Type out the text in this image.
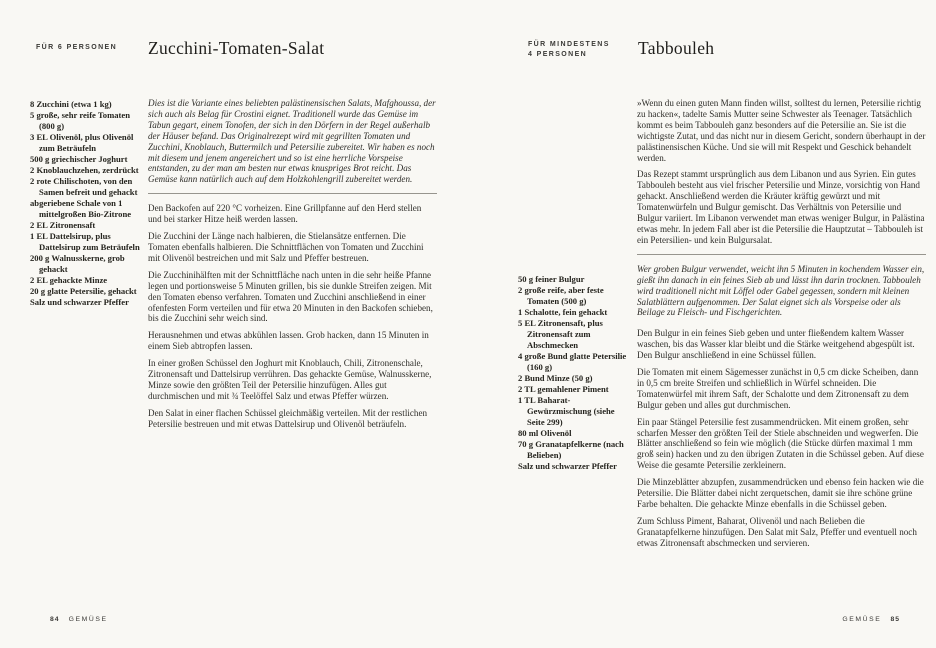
FÜR 6 PERSONEN Zucchini-Tomaten-Salat
8 Zucchini (etwa 1 kg)
5 große, sehr reife Tomaten (800 g)
3 EL Olivenöl, plus Olivenöl zum Beträufeln
500 g griechischer Joghurt
2 Knoblauchzehen, zerdrückt
2 rote Chilischoten, von den Samen befreit und gehackt
abgeriebene Schale von 1 mittelgroßen Bio-Zitrone
2 EL Zitronensaft
1 EL Dattelsirup, plus Dattelsirup zum Beträufeln
200 g Walnusskerne, grob gehackt
2 EL gehackte Minze
20 g glatte Petersilie, gehackt
Salz und schwarzer Pfeffer

Dies ist die Variante eines beliebten palästinensischen Salats, Mafghoussa, der sich auch als Belag für Crostini eignet. Traditionell wurde das Gemüse im Tabun gegart, einem Tonofen, der sich in den Dörfern in der Regel außerhalb der Häuser befand. Das Originalrezept wird mit gegrillten Tomaten und Zucchini, Knoblauch, Buttermilch und Petersilie zubereitet. Wir haben es noch mit diesem und jenem angereichert und so ist eine herrliche Vorspeise entstanden, zu der man am besten nur etwas knuspriges Brot reicht. Das Gemüse kann natürlich auch auf dem Holzkohlengrill zubereitet werden.

Den Backofen auf 220 °C vorheizen. Eine Grillpfanne auf den Herd stellen und bei starker Hitze heiß werden lassen.

Die Zucchini der Länge nach halbieren, die Stielansätze entfernen. Die Tomaten ebenfalls halbieren. Die Schnittflächen von Tomaten und Zucchini mit Olivenöl bestreichen und mit Salz und Pfeffer bestreuen.

Die Zucchinihälften mit der Schnittfläche nach unten in die sehr heiße Pfanne legen und portionsweise 5 Minuten grillen, bis sie dunkle Streifen zeigen. Mit den Tomaten ebenso verfahren. Tomaten und Zucchini anschließend in einer ofenfesten Form verteilen und für etwa 20 Minuten in den Backofen schieben, bis die Zucchini sehr weich sind.

Herausnehmen und etwas abkühlen lassen. Grob hacken, dann 15 Minuten in einem Sieb abtropfen lassen.

In einer großen Schüssel den Joghurt mit Knoblauch, Chili, Zitronenschale, Zitronensaft und Dattelsirup verrühren. Das gehackte Gemüse, Walnusskerne, Minze sowie den größten Teil der Petersilie hinzufügen. Alles gut durchmischen und mit ¾ Teelöffel Salz und etwas Pfeffer würzen.

Den Salat in einer flachen Schüssel gleichmäßig verteilen. Mit der restlichen Petersilie bestreuen und mit etwas Dattelsirup und Olivenöl beträufeln.

84 GEMÜSE
FÜR MINDESTENS
4 PERSONEN	Tabbouleh
50 g feiner Bulgur
2 große reife, aber feste Tomaten (500 g)
1 Schalotte, fein gehackt
5 EL Zitronensaft, plus Zitronensaft zum Abschmecken
4 große Bund glatte Petersilie (160 g)
2 Bund Minze (50 g)
2 TL gemahlener Piment
1 TL Baharat-Gewürzmischung (siehe Seite 299)
80 ml Olivenöl
70 g Granatapfelkerne (nach Belieben)
Salz und schwarzer Pfeffer

»Wenn du einen guten Mann finden willst, solltest du lernen, Petersilie richtig zu hacken«, tadelte Samis Mutter seine Schwester als Teenager. Tatsächlich kommt es beim Tabbouleh ganz besonders auf die Petersilie an. Sie ist die wichtigste Zutat, und das nicht nur in diesem Gericht, sondern überhaupt in der palästinensischen Küche. Und sie will mit Respekt und Geschick behandelt werden.

Das Rezept stammt ursprünglich aus dem Libanon und aus Syrien. Ein gutes Tabbouleh besteht aus viel frischer Petersilie und Minze, vorsichtig von Hand gehackt. Anschließend werden die Kräuter kräftig gewürzt und mit Tomatenwürfeln und Bulgur gemischt. Das Verhältnis von Petersilie und Bulgur variiert. Im Libanon verwendet man etwas weniger Bulgur, in Palästina etwas mehr. In jedem Fall aber ist die Petersilie die Hauptzutat – Tabbouleh ist ein Petersilien- und kein Bulgursalat.

Wer groben Bulgur verwendet, weicht ihn 5 Minuten in kochendem Wasser ein, gießt ihn danach in ein feines Sieb ab und lässt ihn darin trocknen. Tabbouleh wird traditionell nicht mit Löffel oder Gabel gegessen, sondern mit kleinen Salatblättern aufgenommen. Der Salat eignet sich als Vorspeise oder als Beilage zu Fleisch- und Fischgerichten.

Den Bulgur in ein feines Sieb geben und unter fließendem kaltem Wasser waschen, bis das Wasser klar bleibt und die Stärke weitgehend abgespült ist. Den Bulgur anschließend in eine Schüssel füllen.

Die Tomaten mit einem Sägemesser zunächst in 0,5 cm dicke Scheiben, dann in 0,5 cm breite Streifen und schließlich in Würfel schneiden. Die Tomatenwürfel mit ihrem Saft, der Schalotte und dem Zitronensaft zu dem Bulgur geben und alles gut durchmischen.

Ein paar Stängel Petersilie fest zusammendrücken. Mit einem großen, sehr scharfen Messer den größten Teil der Stiele abschneiden und wegwerfen. Die Blätter anschließend so fein wie möglich (die Stücke dürfen maximal 1 mm groß sein) hacken und zu den übrigen Zutaten in die Schüssel geben. Auf diese Weise die gesamte Petersilie zerkleinern.

Die Minzeblätter abzupfen, zusammendrücken und ebenso fein hacken wie die Petersilie. Die Blätter dabei nicht zerquetschen, damit sie ihre schöne grüne Farbe behalten. Die gehackte Minze ebenfalls in die Schüssel geben.

Zum Schluss Piment, Baharat, Olivenöl und nach Belieben die Granatapfelkerne hinzufügen. Den Salat mit Salz, Pfeffer und eventuell noch etwas Zitronensaft abschmecken und servieren.

GEMÜSE 85
